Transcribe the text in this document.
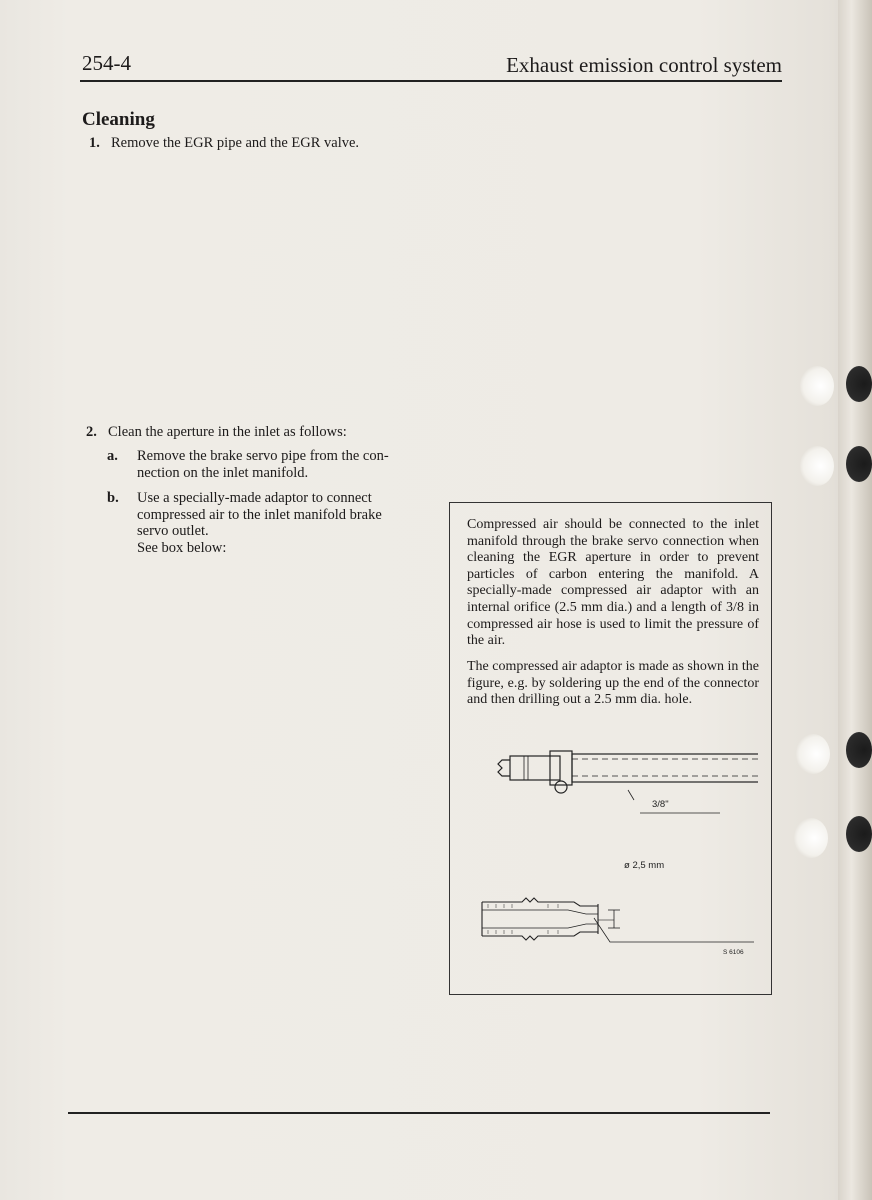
254-4	Exhaust emission control system
Cleaning
1. Remove the EGR pipe and the EGR valve.
2. Clean the aperture in the inlet as follows:
a. Remove the brake servo pipe from the con-
nection on the inlet manifold.
b. Use a specially-made adaptor to connect
compressed air to the inlet manifold brake
servo outlet.
See box below:
Compressed air should be connected to the inlet manifold through the brake servo connection when cleaning the EGR aperture in order to prevent particles of carbon entering the manifold. A specially-made compressed air adaptor with an internal orifice (2.5 mm dia.) and a length of 3/8 in compressed air hose is used to limit the pressure of the air.
The compressed air adaptor is made as shown in the figure, e.g. by soldering up the end of the connector and then drilling out a 2.5 mm dia. hole.
3/8"
ø 2,5 mm
S 6106
